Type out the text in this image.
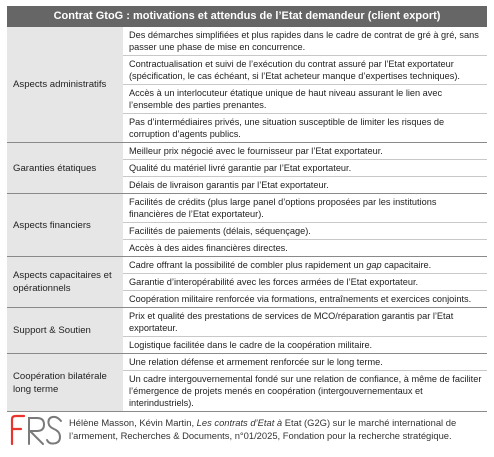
Contrat GtoG : motivations et attendus de l’Etat demandeur (client export)
Aspects administratifs	Des démarches simplifiées et plus rapides dans le cadre de contrat de gré à gré, sans passer une phase de mise en concurrence.
Contractualisation et suivi de l’exécution du contrat assuré par l’Etat exportateur (spécification, le cas échéant, si l’Etat acheteur manque d’expertises techniques).
Accès à un interlocuteur étatique unique de haut niveau assurant le lien avec l’ensemble des parties prenantes.
Pas d’intermédiaires privés, une situation susceptible de limiter les risques de corruption d’agents publics.

Garanties étatiques	Meilleur prix négocié avec le fournisseur par l’Etat exportateur.
Qualité du matériel livré garantie par l’Etat exportateur.
Délais de livraison garantis par l’Etat exportateur.

Aspects financiers	Facilités de crédits (plus large panel d’options proposées par les institutions financières de l’Etat exportateur).
Facilités de paiements (délais, séquençage).
Accès à des aides financières directes.

Aspects capacitaires et opérationnels	Cadre offrant la possibilité de combler plus rapidement un gap capacitaire.
Garantie d’interopérabilité avec les forces armées de l’Etat exportateur.
Coopération militaire renforcée via formations, entraînements et exercices conjoints.

Support & Soutien	Prix et qualité des prestations de services de MCO/réparation garantis par l’Etat exportateur.
Logistique facilitée dans le cadre de la coopération militaire.

Coopération bilatérale long terme	Une relation défense et armement renforcée sur le long terme.
Un cadre intergouvernemental fondé sur une relation de confiance, à même de faciliter l’émergence de projets menés en coopération (intergouvernementaux et interindustriels).
Hélène Masson, Kévin Martin, Les contrats d’Etat à Etat (G2G) sur le marché international de l’armement, Recherches & Documents, n°01/2025, Fondation pour la recherche stratégique.
